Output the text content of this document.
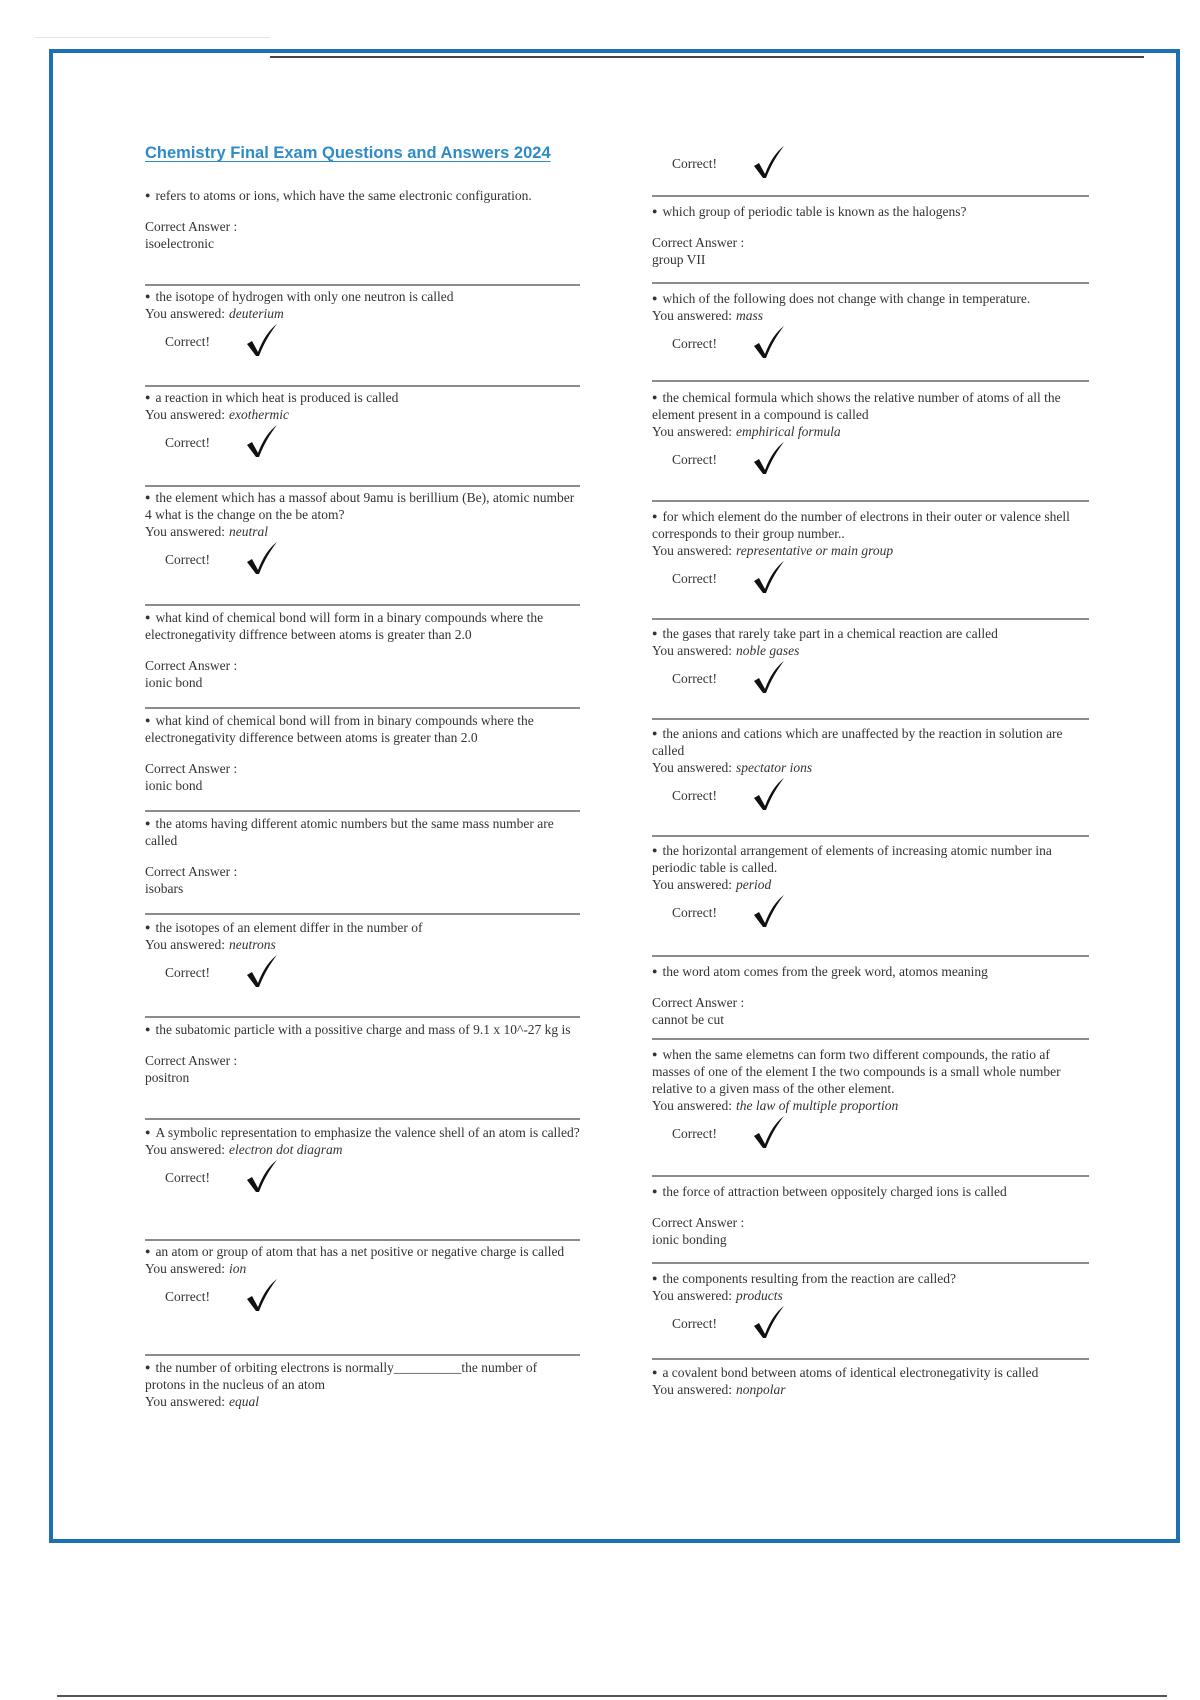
Chemistry Final Exam Questions and Answers 2024

● refers to atoms or ions, which have the same electronic configuration.

Correct Answer :

isoelectronic

● the isotope of hydrogen with only one neutron is called

You answered: deuterium

Correct!

● a reaction in which heat is produced is called

You answered: exothermic

Correct!

● the element which has a massof about 9amu is berillium (Be), atomic number 4 what is the change on the be atom?

You answered: neutral

Correct!

● what kind of chemical bond will form in a binary compounds where the electronegativity diffrence between atoms is greater than 2.0

Correct Answer :

ionic bond

● what kind of chemical bond will from in binary compounds where the electronegativity difference between atoms is greater than 2.0

Correct Answer :

ionic bond

● the atoms having different atomic numbers but the same mass number are called

Correct Answer :

isobars

● the isotopes of an element differ in the number of

You answered: neutrons

Correct!

● the subatomic particle with a possitive charge and mass of 9.1 x 10^-27 kg is

Correct Answer :

positron

● A symbolic representation to emphasize the valence shell of an atom is called?

You answered: electron dot diagram

Correct!

● an atom or group of atom that has a net positive or negative charge is called

You answered: ion

Correct!

● the number of orbiting electrons is normally__________the number of protons in the nucleus of an atom

You answered: equal

Correct!

● which group of periodic table is known as the halogens?

Correct Answer :

group VII

● which of the following does not change with change in temperature.

You answered: mass

Correct!

● the chemical formula which shows the relative number of atoms of all the element present in a compound is called

You answered: emphirical formula

Correct!

● for which element do the number of electrons in their outer or valence shell corresponds to their group number..

You answered: representative or main group

Correct!

● the gases that rarely take part in a chemical reaction are called

You answered: noble gases

Correct!

● the anions and cations which are unaffected by the reaction in solution are called

You answered: spectator ions

Correct!

● the horizontal arrangement of elements of increasing atomic number ina periodic table is called.

You answered: period

Correct!

● the word atom comes from the greek word, atomos meaning

Correct Answer :

cannot be cut

● when the same elemetns can form two different compounds, the ratio af masses of one of the element I the two compounds is a small whole number relative to a given mass of the other element.

You answered: the law of multiple proportion

Correct!

● the force of attraction between oppositely charged ions is called

Correct Answer :

ionic bonding

● the components resulting from the reaction are called?

You answered: products

Correct!

● a covalent bond between atoms of identical electronegativity is called

You answered: nonpolar
